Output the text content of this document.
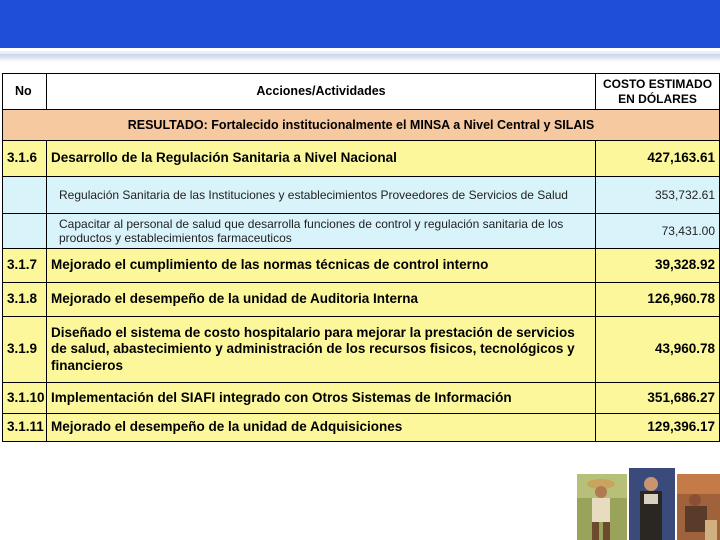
No	Acciones/Actividades	COSTO ESTIMADO
EN DÓLARES

RESULTADO: Fortalecido institucionalmente el MINSA a Nivel Central y SILAIS		
3.1.6	Desarrollo de la Regulación Sanitaria a Nivel Nacional	427,163.61
	Regulación Sanitaria de las Instituciones y establecimientos Proveedores de Servicios de Salud	353,732.61
	Capacitar al personal de salud que desarrolla funciones de control y regulación sanitaria de los productos y establecimientos farmaceuticos	73,431.00
3.1.7	Mejorado el cumplimiento de las normas técnicas de control interno	39,328.92
3.1.8	Mejorado el desempeño de la unidad de Auditoria Interna	126,960.78
3.1.9	Diseñado el sistema de costo hospitalario para mejorar la prestación de servicios de salud, abastecimiento y administración de los recursos fisicos, tecnológicos y financieros	43,960.78
3.1.10	Implementación del SIAFI integrado con Otros Sistemas de Información	351,686.27
3.1.11	Mejorado el desempeño de la unidad de Adquisiciones	129,396.17
